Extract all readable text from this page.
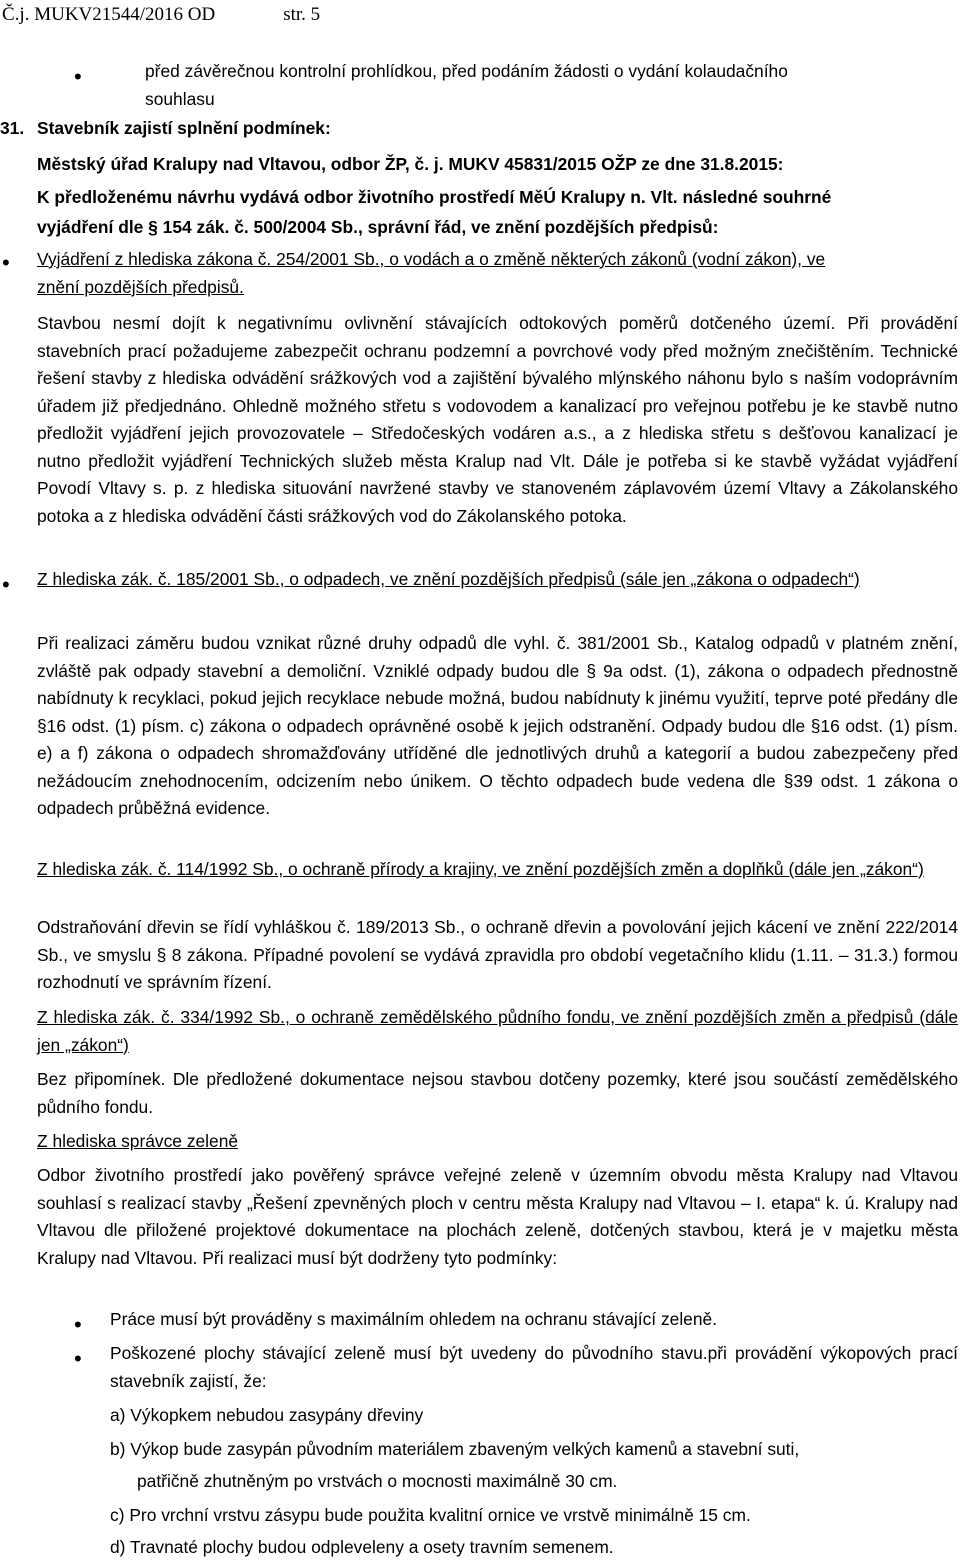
Č.j. MUKV21544/2016 OD	str. 5
•
před závěrečnou kontrolní prohlídkou, před podáním žádosti o vydání kolaudačního
souhlasu
31. Stavebník zajistí splnění podmínek:
Městský úřad Kralupy nad Vltavou, odbor ŽP, č. j. MUKV 45831/2015 OŽP ze dne 31.8.2015:
K předloženému návrhu vydává odbor životního prostředí MěÚ Kralupy n. Vlt. následné souhrné
vyjádření dle § 154 zák. č. 500/2004 Sb., správní řád, ve znění pozdějších předpisů:
•
Vyjádření z hlediska zákona č. 254/2001 Sb., o vodách a o změně některých zákonů (vodní zákon), ve
znění pozdějších předpisů.
Stavbou nesmí dojít k negativnímu ovlivnění stávajících odtokových poměrů dotčeného území. Při provádění stavebních prací požadujeme zabezpečit ochranu podzemní a povrchové vody před možným znečištěním. Technické řešení stavby z hlediska odvádění srážkových vod a zajištění bývalého mlýnského náhonu bylo s naším vodoprávním úřadem již předjednáno. Ohledně možného střetu s vodovodem a kanalizací pro veřejnou potřebu je ke stavbě nutno předložit vyjádření jejich provozovatele – Středočeských vodáren a.s., a z hlediska střetu s dešťovou kanalizací je nutno předložit vyjádření Technických služeb města Kralup nad Vlt. Dále je potřeba si ke stavbě vyžádat vyjádření Povodí Vltavy s. p. z hlediska situování navržené stavby ve stanoveném záplavovém území Vltavy a Zákolanského potoka a z hlediska odvádění části srážkových vod do Zákolanského potoka.
•
Z hlediska zák. č. 185/2001 Sb., o odpadech, ve znění pozdějších předpisů (sále jen „zákona o odpadech“)
Při realizaci záměru budou vznikat různé druhy odpadů dle vyhl. č. 381/2001 Sb., Katalog odpadů v platném znění, zvláště pak odpady stavební a demoliční. Vzniklé odpady budou dle § 9a odst. (1), zákona o odpadech přednostně nabídnuty k recyklaci, pokud jejich recyklace nebude možná, budou nabídnuty k jinému využití, teprve poté předány dle §16 odst. (1) písm. c) zákona o odpadech oprávněné osobě k jejich odstranění. Odpady budou dle §16 odst. (1) písm. e) a f) zákona o odpadech shromažďovány utříděné dle jednotlivých druhů a kategorií a budou zabezpečeny před nežádoucím znehodnocením, odcizením nebo únikem. O těchto odpadech bude vedena dle §39 odst. 1 zákona o odpadech průběžná evidence.
Z hlediska zák. č. 114/1992 Sb., o ochraně přírody a krajiny, ve znění pozdějších změn a doplňků (dále jen „zákon“)
Odstraňování dřevin se řídí vyhláškou č. 189/2013 Sb., o ochraně dřevin a povolování jejich kácení ve znění 222/2014 Sb., ve smyslu § 8 zákona. Případné povolení se vydává zpravidla pro období vegetačního klidu (1.11. – 31.3.) formou rozhodnutí ve správním řízení.
Z hlediska zák. č. 334/1992 Sb., o ochraně zemědělského půdního fondu, ve znění pozdějších změn a předpisů (dále jen „zákon“)
Bez připomínek. Dle předložené dokumentace nejsou stavbou dotčeny pozemky, které jsou součástí zemědělského půdního fondu.
Z hlediska správce zeleně
Odbor životního prostředí jako pověřený správce veřejné zeleně v územním obvodu města Kralupy nad Vltavou souhlasí s realizací stavby „Řešení zpevněných ploch v centru města Kralupy nad Vltavou – I. etapa“ k. ú. Kralupy nad Vltavou dle přiložené projektové dokumentace na plochách zeleně, dotčených stavbou, která je v majetku města Kralupy nad Vltavou. Při realizaci musí být dodrženy tyto podmínky:
•
Práce musí být prováděny s maximálním ohledem na ochranu stávající zeleně.
•
Poškozené plochy stávající zeleně musí být uvedeny do původního stavu.při provádění výkopových prací stavebník zajistí, že:
a) Výkopkem nebudou zasypány dřeviny
b) Výkop bude zasypán původním materiálem zbaveným velkých kamenů a stavební suti,
patřičně zhutněným po vrstvách o mocnosti maximálně 30 cm.
c) Pro vrchní vrstvu zásypu bude použita kvalitní ornice ve vrstvě minimálně 15 cm.
d) Travnaté plochy budou odpleveleny a osety travním semenem.
